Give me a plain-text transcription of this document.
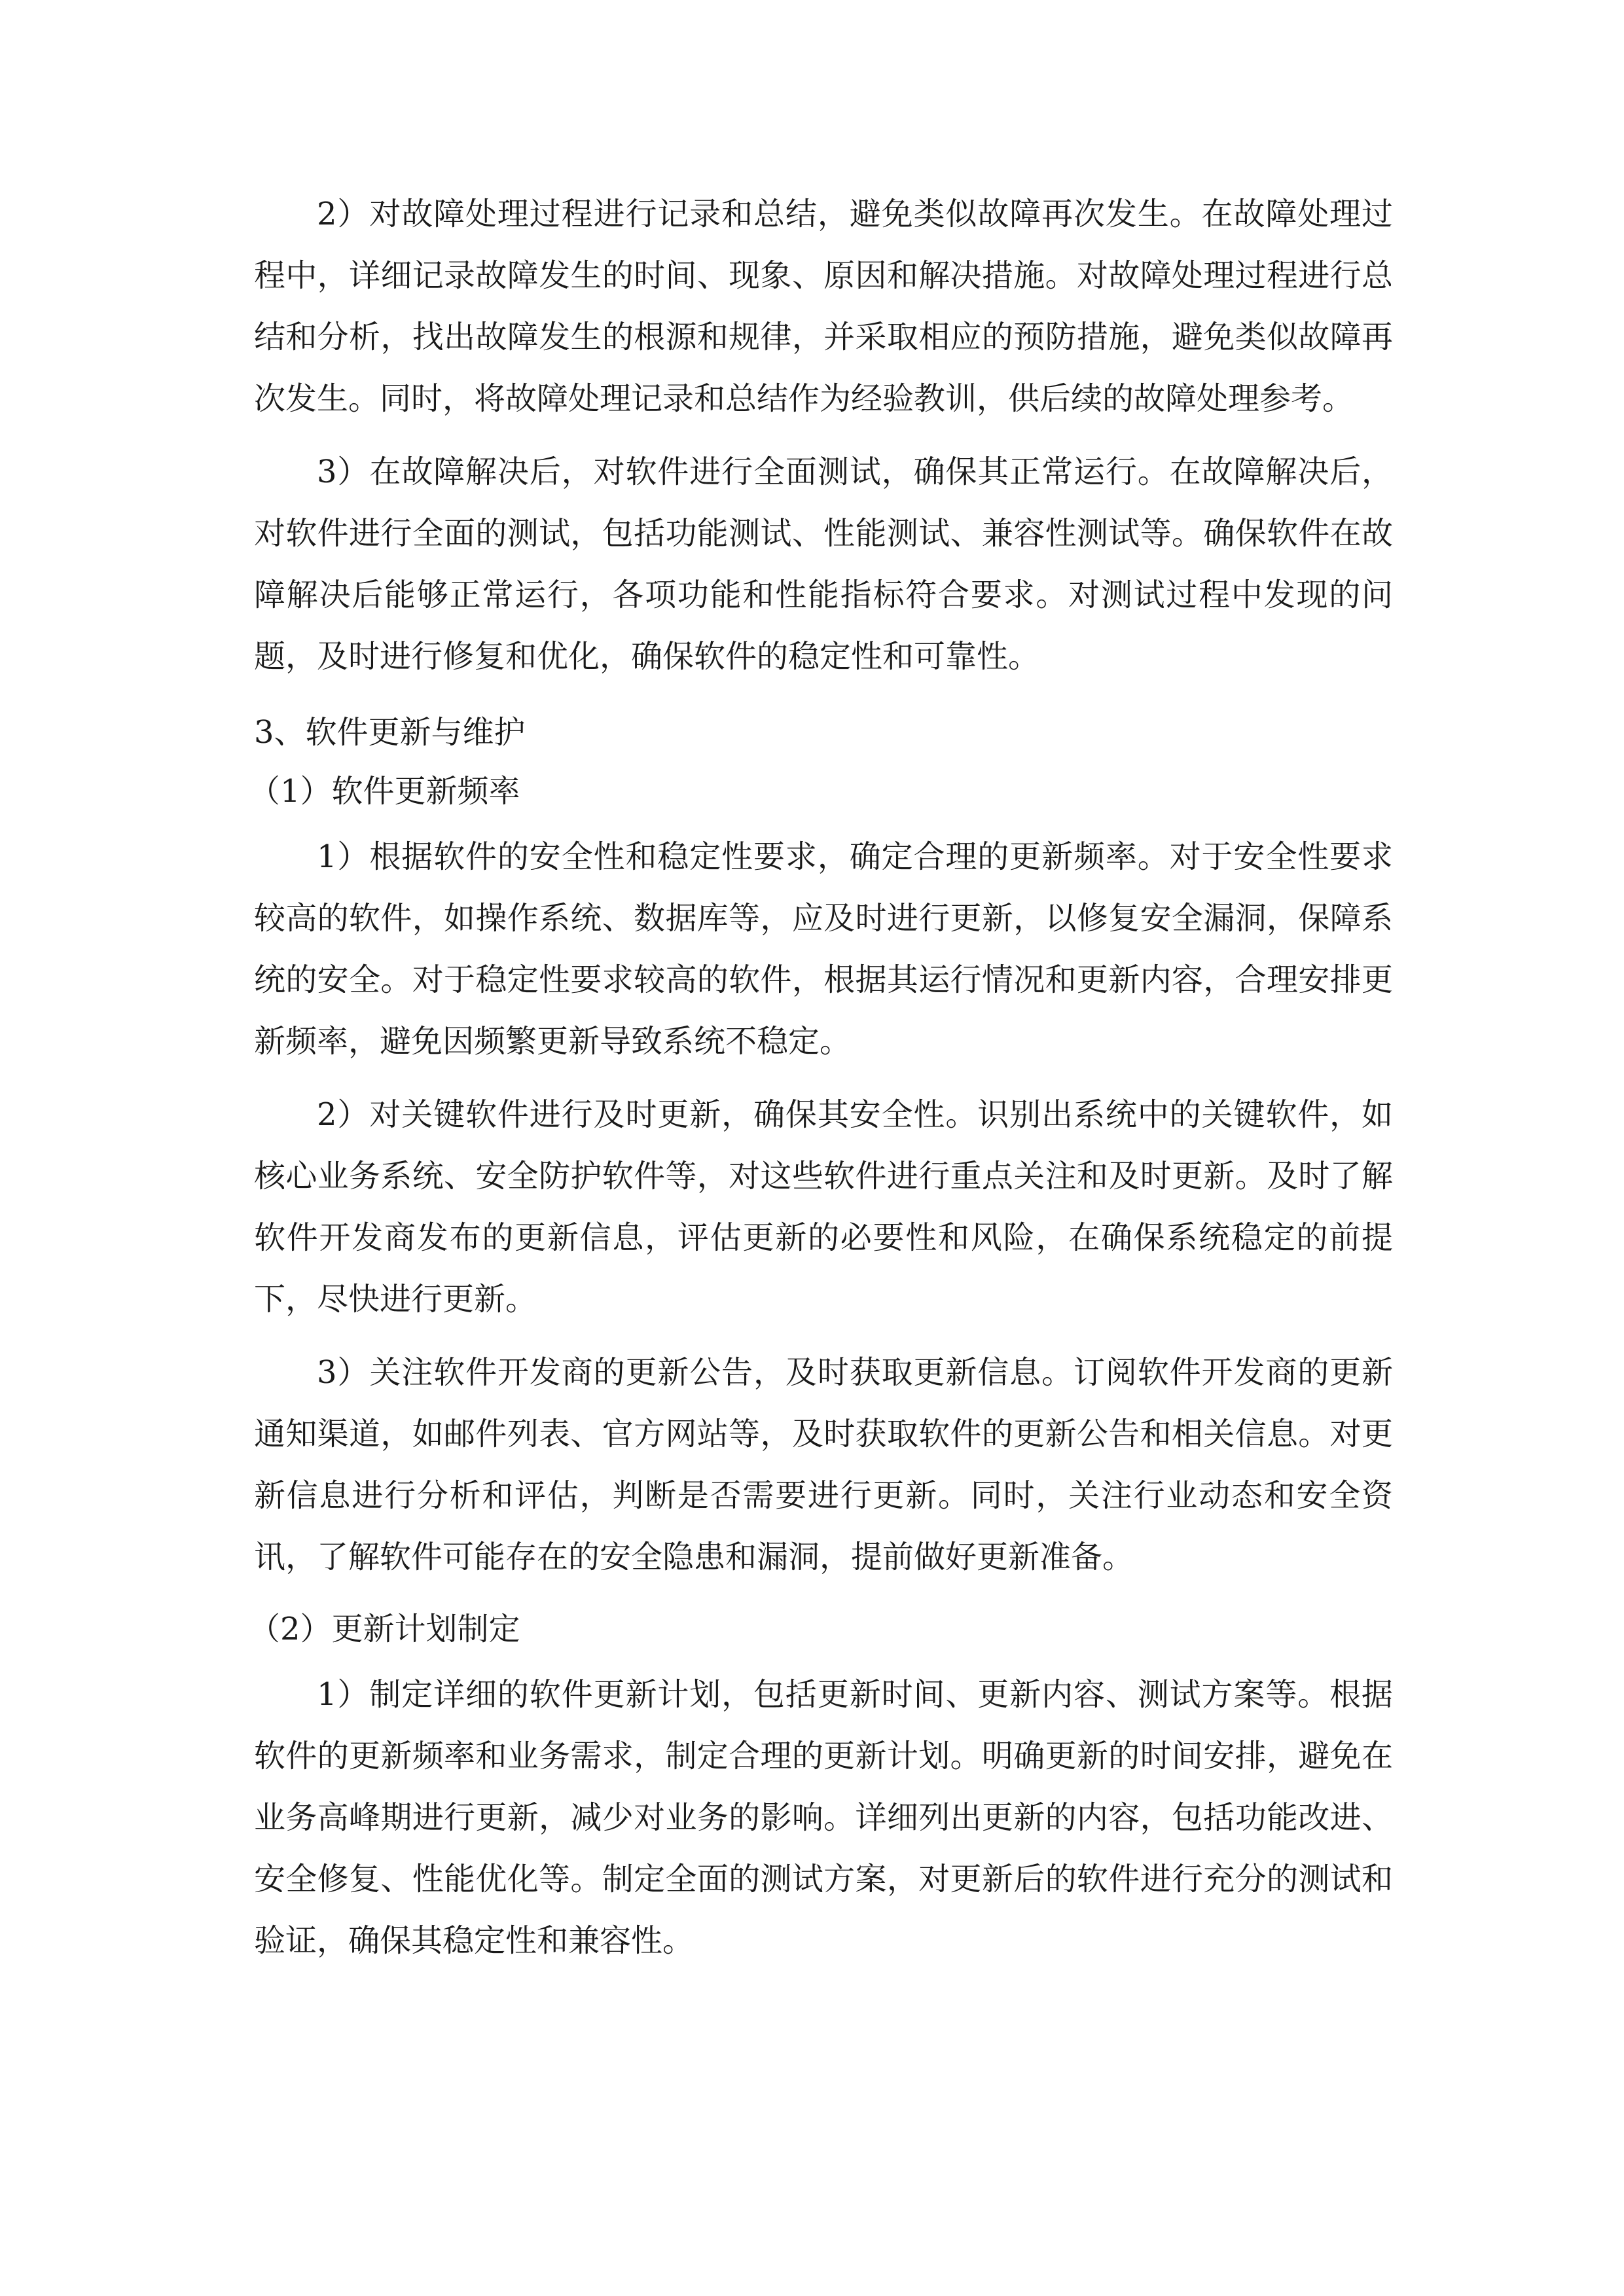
2）对故障处理过程进行记录和总结，避免类似故障再次发生。在故障处理过程中，详细记录故障发生的时间、现象、原因和解决措施。对故障处理过程进行总结和分析，找出故障发生的根源和规律，并采取相应的预防措施，避免类似故障再次发生。同时，将故障处理记录和总结作为经验教训，供后续的故障处理参考。

3）在故障解决后，对软件进行全面测试，确保其正常运行。在故障解决后，对软件进行全面的测试，包括功能测试、性能测试、兼容性测试等。确保软件在故障解决后能够正常运行，各项功能和性能指标符合要求。对测试过程中发现的问题，及时进行修复和优化，确保软件的稳定性和可靠性。

3、软件更新与维护

（1）软件更新频率

1）根据软件的安全性和稳定性要求，确定合理的更新频率。对于安全性要求较高的软件，如操作系统、数据库等，应及时进行更新，以修复安全漏洞，保障系统的安全。对于稳定性要求较高的软件，根据其运行情况和更新内容，合理安排更新频率，避免因频繁更新导致系统不稳定。

2）对关键软件进行及时更新，确保其安全性。识别出系统中的关键软件，如核心业务系统、安全防护软件等，对这些软件进行重点关注和及时更新。及时了解软件开发商发布的更新信息，评估更新的必要性和风险，在确保系统稳定的前提下，尽快进行更新。

3）关注软件开发商的更新公告，及时获取更新信息。订阅软件开发商的更新通知渠道，如邮件列表、官方网站等，及时获取软件的更新公告和相关信息。对更新信息进行分析和评估，判断是否需要进行更新。同时，关注行业动态和安全资讯，了解软件可能存在的安全隐患和漏洞，提前做好更新准备。

（2）更新计划制定

1）制定详细的软件更新计划，包括更新时间、更新内容、测试方案等。根据软件的更新频率和业务需求，制定合理的更新计划。明确更新的时间安排，避免在业务高峰期进行更新，减少对业务的影响。详细列出更新的内容，包括功能改进、安全修复、性能优化等。制定全面的测试方案，对更新后的软件进行充分的测试和验证，确保其稳定性和兼容性。
